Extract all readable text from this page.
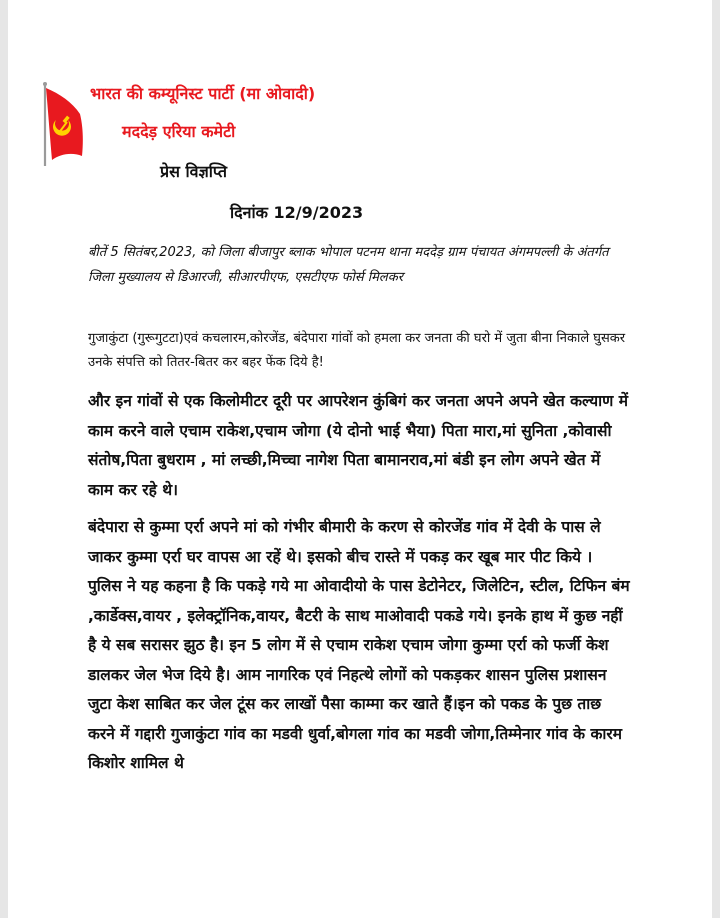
भारत की कम्यूनिस्ट पार्टी (मा ओवादी)
मददेड़ एरिया कमेटी
प्रेस विज्ञप्ति
दिनांक 12/9/2023

बीतें 5 सितंबर,2023, को जिला बीजापुर ब्लाक भोपाल पटनम थाना मददेड़ ग्राम पंचायत अंगमपल्ली के अंतर्गत जिला मुख्यालय से डिआरजी, सीआरपीएफ, एसटीएफ फोर्स मिलकर

गुजाकुंटा (गुरूगुटटा)एवं कचलारम,कोरजेंड, बंदेपारा गांवों को हमला कर जनता की घरो में जुता बीना निकाले घुसकर उनके संपत्ति को तितर-बितर कर बहर फेंक दिये है!

और इन गांवों से एक किलोमीटर दूरी पर आपरेशन कुंबिगं कर जनता अपने अपने खेत कल्याण में काम करने वाले एचाम राकेश,एचाम जोगा (ये दोनो भाई भैया) पिता मारा,मां सुनिता ,कोवासी संतोष,पिता बुधराम , मां लच्छी,मिच्चा नागेश पिता बामानराव,मां बंडी इन लोग अपने खेत में काम कर रहे थे।

बंदेपारा से कुम्मा एर्रा अपने मां को गंभीर बीमारी के करण से कोरजेंड गांव में देवी के पास ले जाकर कुम्मा एर्रा घर वापस आ रहें थे। इसको बीच रास्ते में पकड़ कर खूब मार पीट किये । पुलिस ने यह कहना है कि पकड़े गये मा ओवादीयो के पास डेटोनेटर, जिलेटिन, स्टील, टिफिन बंम ,कार्डेक्स,वायर , इलेक्ट्रॉनिक,वायर, बैटरी के साथ माओवादी पकडे गये। इनके हाथ में कुछ नहीं है ये सब सरासर झुठ है। इन 5 लोग में से एचाम राकेश एचाम जोगा कुम्मा एर्रा को फर्जी केश डालकर जेल भेज दिये है। आम नागरिक एवं निहत्थे लोगों को पकड़कर शासन पुलिस प्रशासन जुटा केश साबित कर जेल टूंस कर लाखों पैसा काम्मा कर खाते हैं।इन को पकड के पुछ ताछ करने में गद्दारी गुजाकुंटा गांव का मडवी धुर्वा,बोगला गांव का मडवी जोगा,तिम्मेनार गांव के कारम किशोर शामिल थे
